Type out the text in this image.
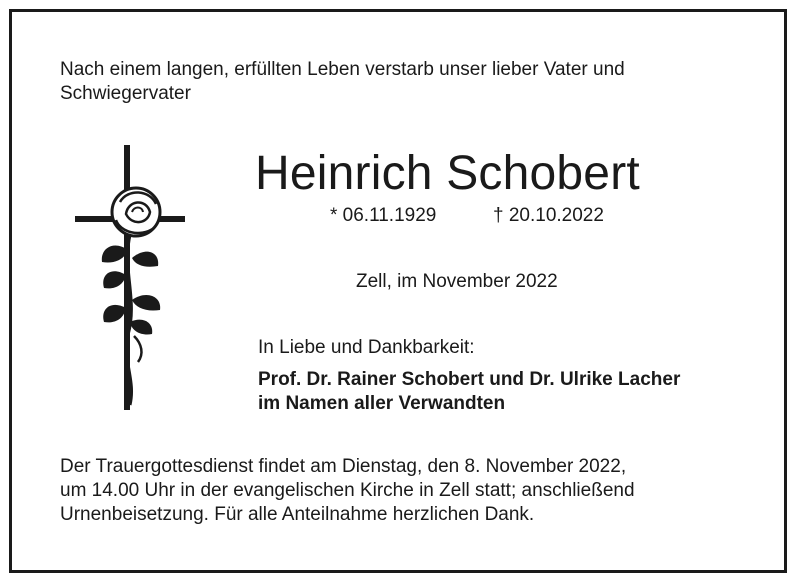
Nach einem langen, erfüllten Leben verstarb unser lieber Vater und
Schwiegervater
Heinrich Schobert
* 06.11.1929	† 20.10.2022
Zell, im November 2022
In Liebe und Dankbarkeit:
Prof. Dr. Rainer Schobert und Dr. Ulrike Lacher
im Namen aller Verwandten
Der Trauergottesdienst findet am Dienstag, den 8. November 2022,
um 14.00 Uhr in der evangelischen Kirche in Zell statt; anschließend
Urnenbeisetzung. Für alle Anteilnahme herzlichen Dank.
